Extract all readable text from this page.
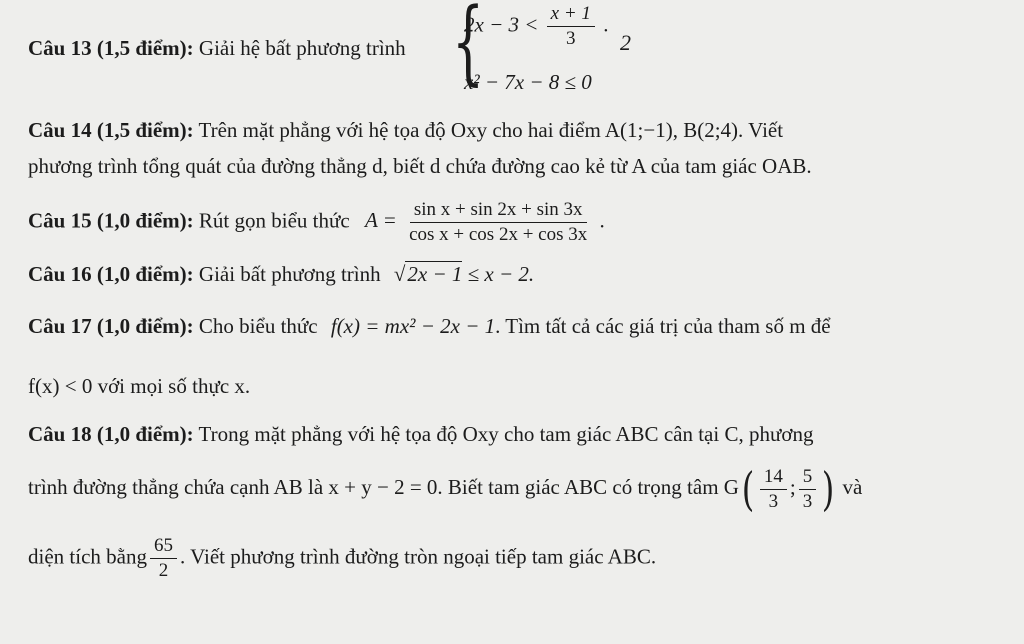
Câu 13 (1,5 điểm): Giải hệ bất phương trình {
$2x - 3 < \frac{x + 1}{3}$ .
x² − 7x − 8 ≤ 0
2
Câu 14 (1,5 điểm): Trên mặt phẳng với hệ tọa độ Oxy cho hai điểm A(1;−1), B(2;4). Viết
phương trình tổng quát của đường thẳng d, biết d chứa đường cao kẻ từ A của tam giác OAB.
Câu 15 (1,0 điểm): Rút gọn biểu thức $A = \frac{\text{sin x + sin 2x + sin 3x}}{\text{cos x + cos 2x + cos 3x}}$ .
Câu 16 (1,0 điểm): Giải bất phương trình √2x − 1 ≤ x − 2.
Câu 17 (1,0 điểm): Cho biểu thức f(x) = mx² − 2x − 1. Tìm tất cả các giá trị của tham số m để
f(x) < 0 với mọi số thực x.
Câu 18 (1,0 điểm): Trong mặt phẳng với hệ tọa độ Oxy cho tam giác ABC cân tại C, phương
trình đường thẳng chứa cạnh AB là x + y − 2 = 0. Biết tam giác ABC có trọng tâm $G( \frac{14}{3}$ ; $\frac{5}{3}$ ) và
diện tích bằng $\frac{65}{2}$ . Viết phương trình đường tròn ngoại tiếp tam giác ABC.
